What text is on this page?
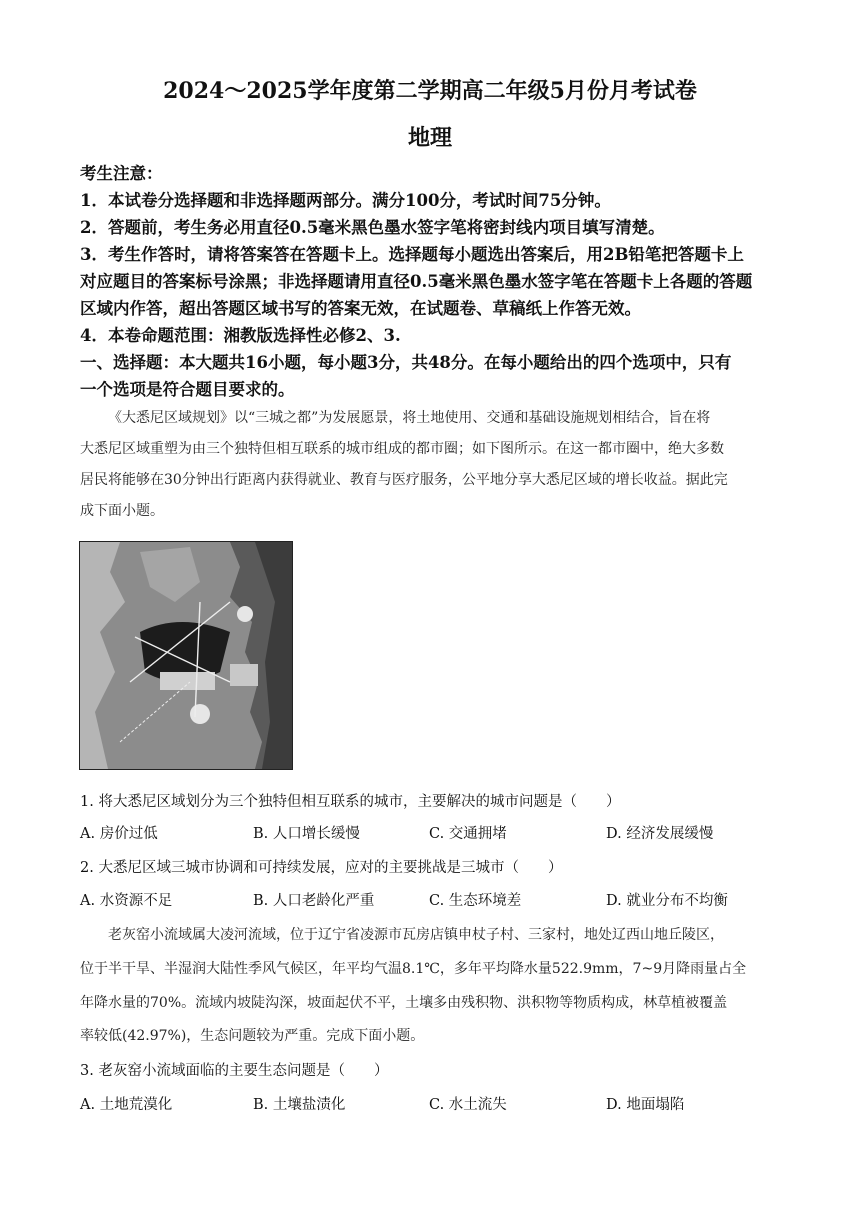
2024～2025学年度第二学期高二年级5月份月考试卷
地理
考生注意：
1．本试卷分选择题和非选择题两部分。满分100分，考试时间75分钟。
2．答题前，考生务必用直径0.5毫米黑色墨水签字笔将密封线内项目填写清楚。
3．考生作答时，请将答案答在答题卡上。选择题每小题选出答案后，用2B铅笔把答题卡上
对应题目的答案标号涂黑；非选择题请用直径0.5毫米黑色墨水签字笔在答题卡上各题的答题
区域内作答，超出答题区域书写的答案无效，在试题卷、草稿纸上作答无效。
4．本卷命题范围：湘教版选择性必修2、3.
一、选择题：本大题共16小题，每小题3分，共48分。在每小题给出的四个选项中，只有
一个选项是符合题目要求的。
《大悉尼区域规划》以“三城之都”为发展愿景，将土地使用、交通和基础设施规划相结合，旨在将
大悉尼区域重塑为由三个独特但相互联系的城市组成的都市圈；如下图所示。在这一都市圈中，绝大多数
居民将能够在30分钟出行距离内获得就业、教育与医疗服务，公平地分享大悉尼区域的增长收益。据此完
成下面小题。
1. 将大悉尼区域划分为三个独特但相互联系的城市，主要解决的城市问题是（　　）
A. 房价过低	B. 人口增长缓慢	C. 交通拥堵	D. 经济发展缓慢
2. 大悉尼区域三城市协调和可持续发展，应对的主要挑战是三城市（　　）
A. 水资源不足	B. 人口老龄化严重	C. 生态环境差	D. 就业分布不均衡
老灰窑小流域属大凌河流域，位于辽宁省凌源市瓦房店镇申杖子村、三家村，地处辽西山地丘陵区，
位于半干旱、半湿润大陆性季风气候区，年平均气温8.1℃，多年平均降水量522.9mm，7~9月降雨量占全
年降水量的70%。流域内坡陡沟深，坡面起伏不平，土壤多由残积物、洪积物等物质构成，林草植被覆盖
率较低(42.97%)，生态问题较为严重。完成下面小题。
3. 老灰窑小流域面临的主要生态问题是（　　）
A. 土地荒漠化	B. 土壤盐渍化	C. 水土流失	D. 地面塌陷
